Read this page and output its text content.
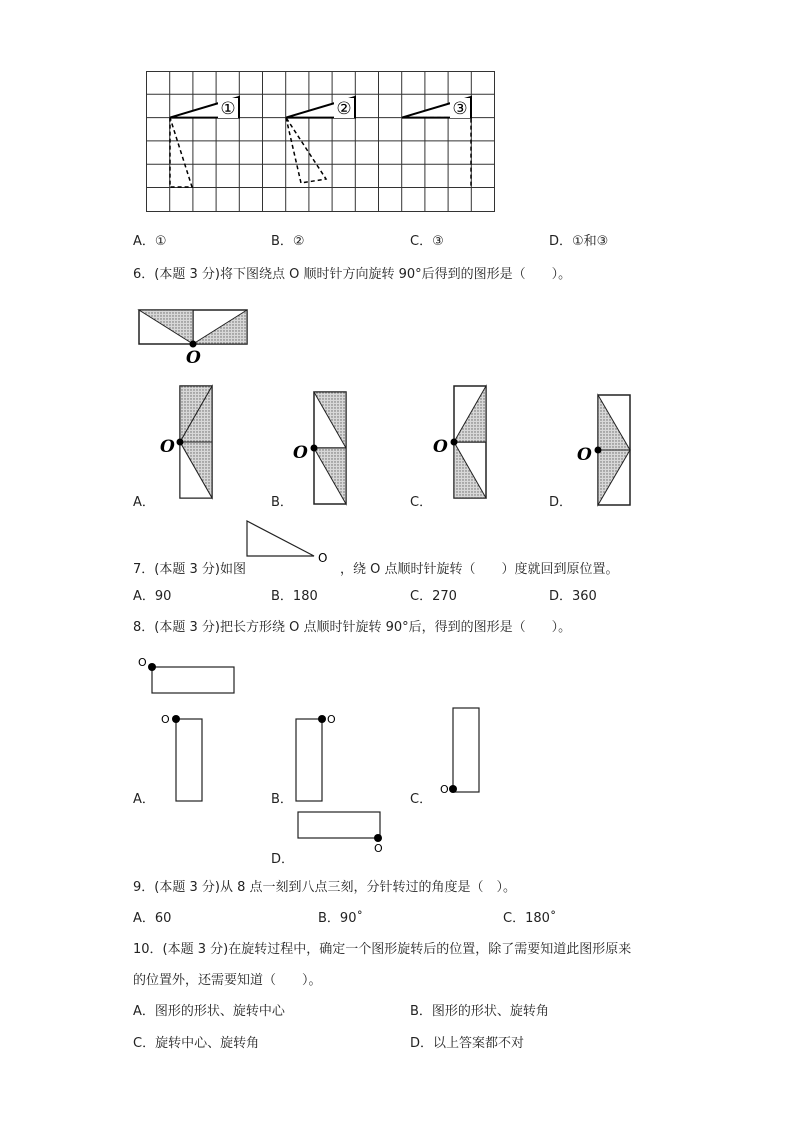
①	②	③
A．①	B．②	C．③	D．①和③
6．(本题 3 分)将下图绕点 O 顺时针方向旋转 90°后得到的图形是（　　）。
O
O	O	O	O
A．	B．	C．	D．
O
7．(本题 3 分)如图	，绕 O 点顺时针旋转（　　）度就回到原位置。
A．90	B．180	C．270	D．360
8．(本题 3 分)把长方形绕 O 点顺时针旋转 90°后，得到的图形是（　　）。
O
O	O
O
O
A．	B．	C．
D．
9．(本题 3 分)从 8 点一刻到八点三刻，分针转过的角度是（　）。
A．60	B．90˚	C．180˚
10．(本题 3 分)在旋转过程中，确定一个图形旋转后的位置，除了需要知道此图形原来
的位置外，还需要知道（　　）。
A．图形的形状、旋转中心	B．图形的形状、旋转角
C．旋转中心、旋转角	D．以上答案都不对
